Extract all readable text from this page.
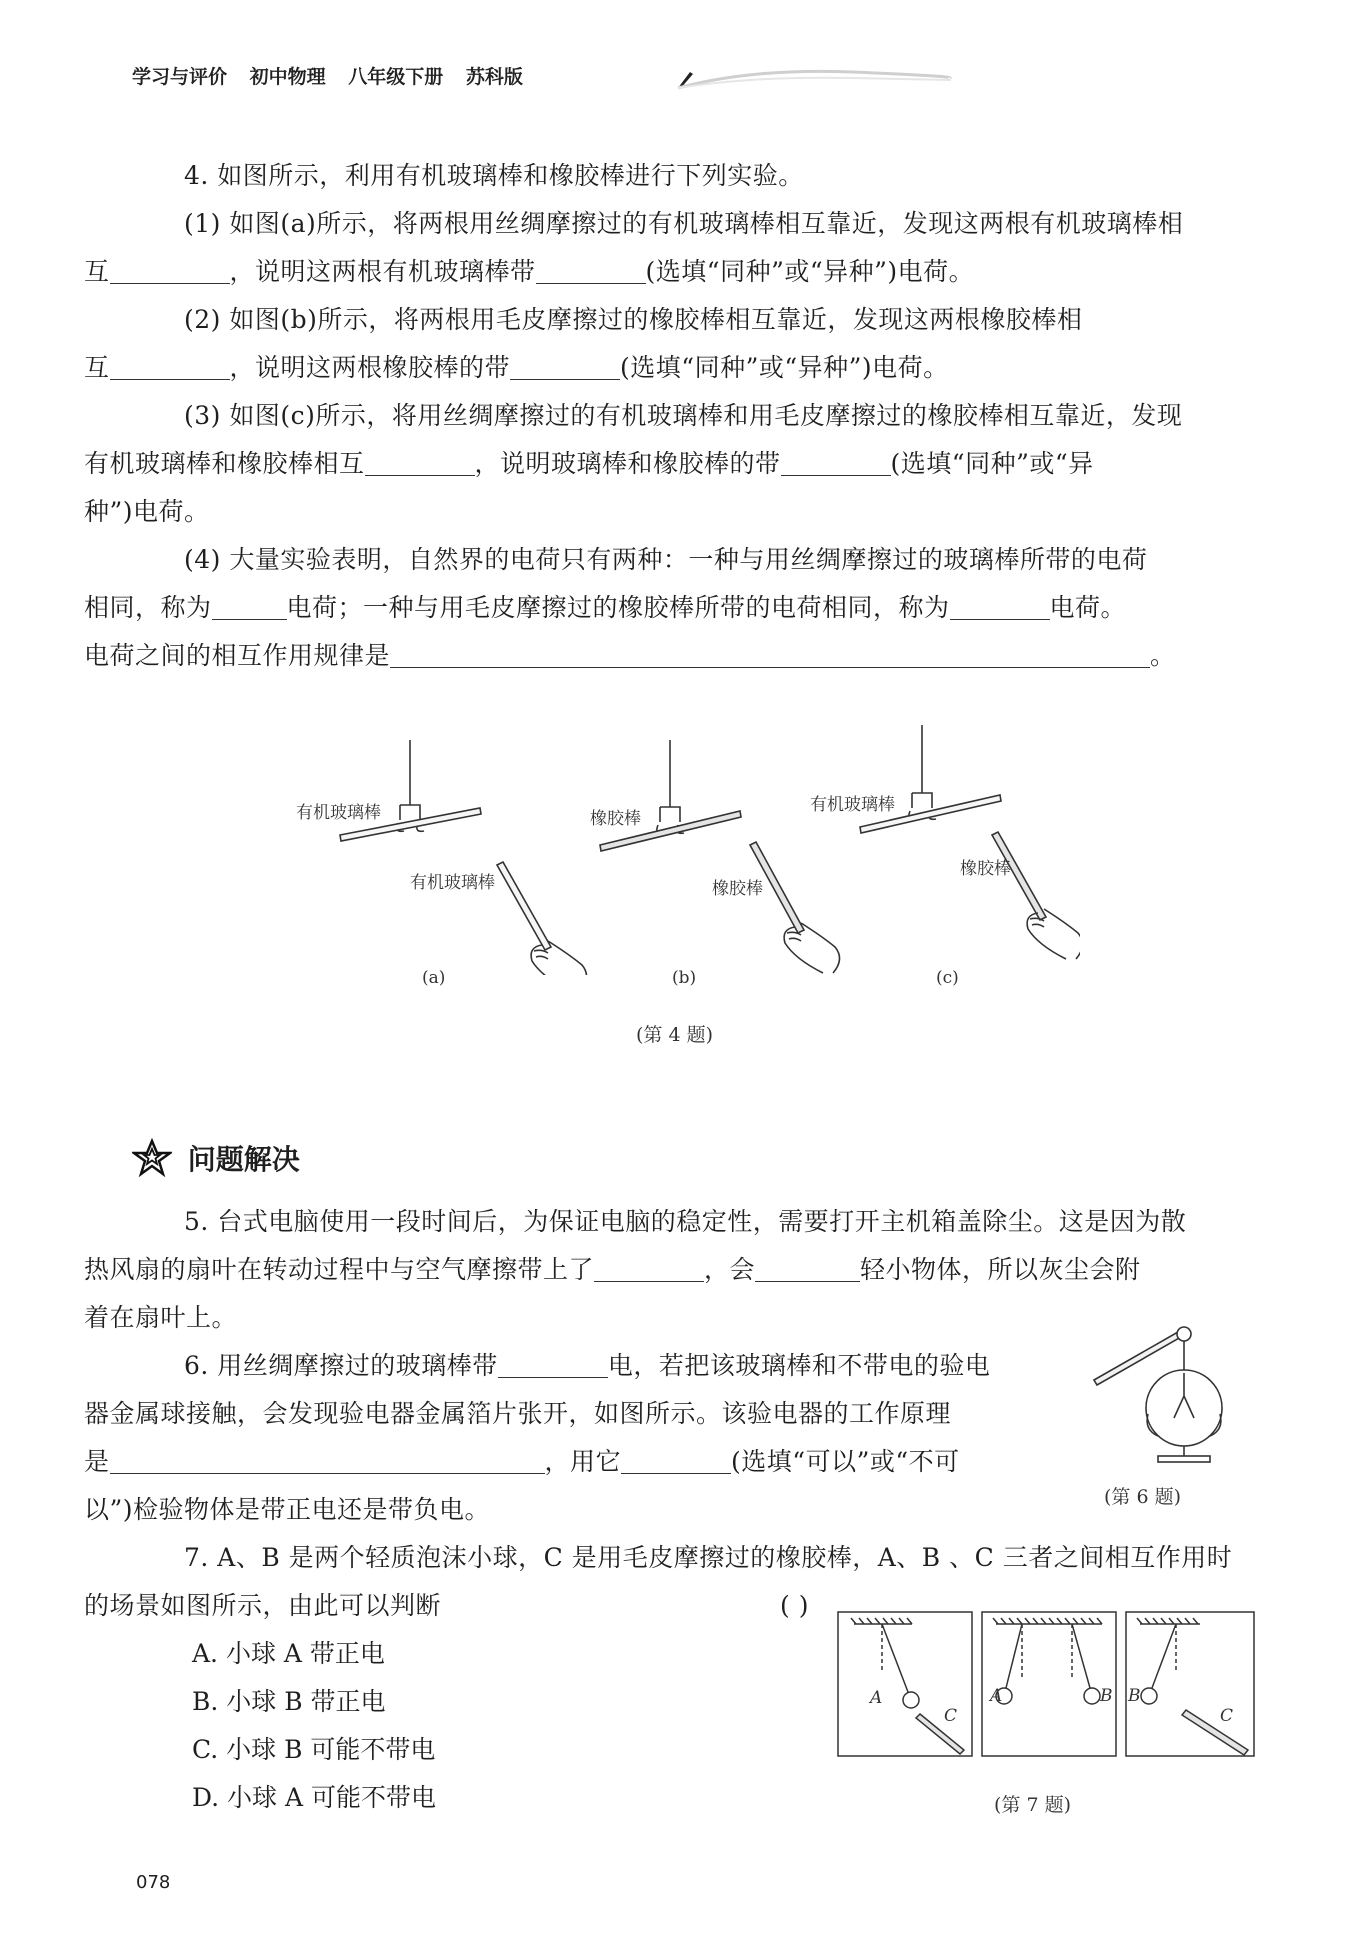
学习与评价 初中物理 八年级下册 苏科版
4. 如图所示，利用有机玻璃棒和橡胶棒进行下列实验。
(1) 如图(a)所示，将两根用丝绸摩擦过的有机玻璃棒相互靠近，发现这两根有机玻璃棒相
互	，说明这两根有机玻璃棒带	(选填“同种”或“异种”)电荷。
(2) 如图(b)所示，将两根用毛皮摩擦过的橡胶棒相互靠近，发现这两根橡胶棒相
互	，说明这两根橡胶棒的带	(选填“同种”或“异种”)电荷。
(3) 如图(c)所示，将用丝绸摩擦过的有机玻璃棒和用毛皮摩擦过的橡胶棒相互靠近，发现
有机玻璃棒和橡胶棒相互	，说明玻璃棒和橡胶棒的带	(选填“同种”或“异
种”)电荷。
(4) 大量实验表明，自然界的电荷只有两种：一种与用丝绸摩擦过的玻璃棒所带的电荷
相同，称为	电荷；一种与用毛皮摩擦过的橡胶棒所带的电荷相同，称为	电荷。
电荷之间的相互作用规律是	。
有机玻璃棒
有机玻璃棒
(a)
橡胶棒
橡胶棒
(b)
有机玻璃棒
橡胶棒
(c)
(第 4 题)
问题解决
5. 台式电脑使用一段时间后，为保证电脑的稳定性，需要打开主机箱盖除尘。这是因为散
热风扇的扇叶在转动过程中与空气摩擦带上了	，会	轻小物体，所以灰尘会附
着在扇叶上。
6. 用丝绸摩擦过的玻璃棒带	电，若把该玻璃棒和不带电的验电
器金属球接触，会发现验电器金属箔片张开，如图所示。该验电器的工作原理
是	，用它	(选填“可以”或“不可
以”)检验物体是带正电还是带负电。	(第 6 题)
7. A、B 是两个轻质泡沫小球，C 是用毛皮摩擦过的橡胶棒，A、B 、C 三者之间相互作用时
的场景如图所示，由此可以判断	( )
A. 小球 A 带正电
B. 小球 B 带正电
C. 小球 B 可能不带电
D. 小球 A 可能不带电
A
C
A	B B
C
(第 7 题)
078
